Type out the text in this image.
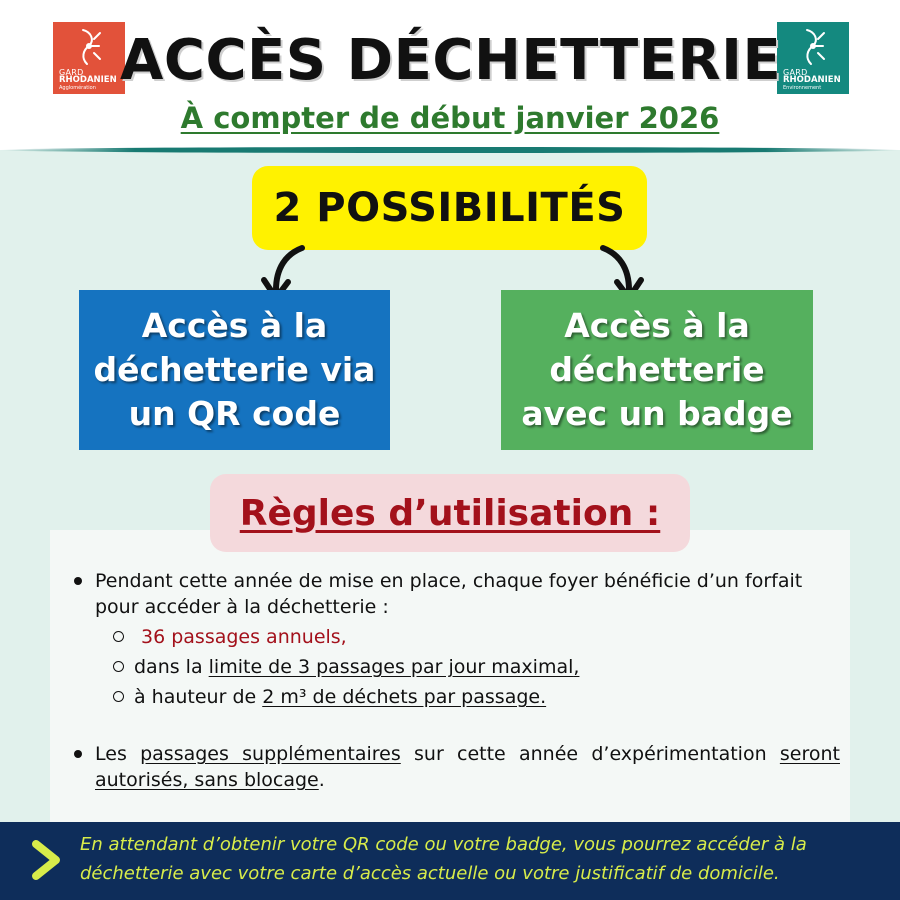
GARD
RHODANIEN
Agglomération
GARD
RHODANIEN
Environnement
ACCÈS DÉCHETTERIE
À compter de début janvier 2026
2 POSSIBILITÉS
Accès à la
déchetterie via
un QR code
Accès à la
déchetterie
avec un badge
Règles d’utilisation :
Pendant cette année de mise en place, chaque foyer bénéficie d’un forfait pour accéder à la déchetterie :
36 passages annuels,
dans la limite de 3 passages par jour maximal,
à hauteur de 2 m³ de déchets par passage.
Les passages supplémentaires sur cette année d’expérimentation seront autorisés, sans blocage.
En attendant d’obtenir votre QR code ou votre badge, vous pourrez accéder à la déchetterie avec votre carte d’accès actuelle ou votre justificatif de domicile.
